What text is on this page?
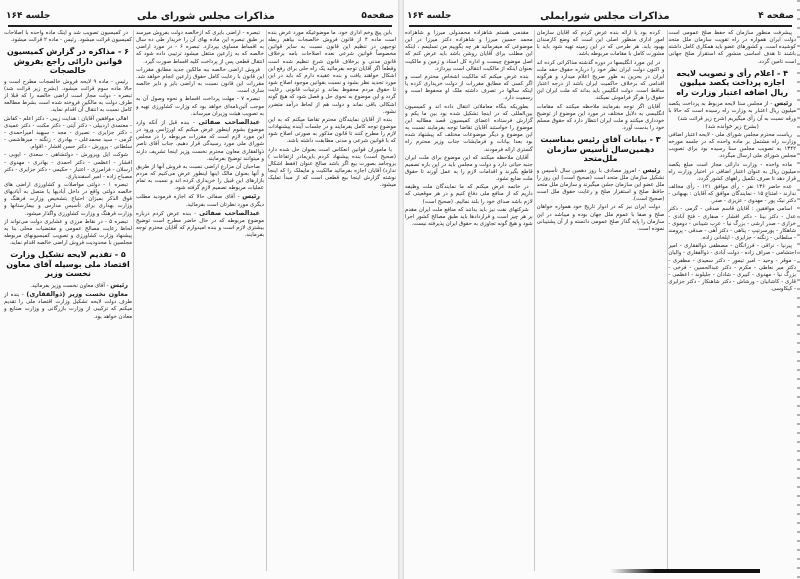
صفحه۵
مذاکرات مجلس شورای ملی
جلسه ۱۶۴

باین پیچ وخم اداری خود. ما موضوعیکه مورد عرض بنده است ماده ۴ از قانون فروش خالصجات بیاهم ربطه توجیهی در تنظیم این قانون نسبت به سایر قوانین مخصوصاً قوانین شرعی نعده اصلاحات بامه برخلاف قانون مدنی و برخلاف قانون شرع تنظیم شده است وقطعاً اگر آقایان توجه بفرمائید یک راه حلی برای رفع این اشکال خواهند یافت و بنده عقیده دارم که باید در این مورد تجدید نظر بشود و نسبت بقوانین موجود اصلاح شود تا حقوق مردم محفوظ بماند و ترتیبات قانونی رعایت گردد و این موضوع به نحوی حل و فصل شود که هیچ گونه اشکالی باقی نماند و دولت هم از لحاظ درآمد متضرر نشود.

بنده از آقایان نمایندگان محترم تقاضا میکنم که به این موضوع توجه کامل بفرمایند و در جلسات آینده پیشنهادات لازم را مطرح کنند تا قانون مذکور به صورتی اصلاح شود که با قوانین شرعی و مدنی مطابقت داشته باشد.

با ماموران قوانین انعکاس است بعنوان حل شده دارد (صحیح است) بنده پیشنهاد کردم باین‌مادر ارتفاعات ) بروجامد بصورت بیع اگر باشد صالح عنوان (فقط اشکال ندارد) آقایان اجازه بفرمائید مالکیت و مایملک را که اینجا نوشته گزارش اینجا بیع قطعی است که از مبدأ تملیک میشود.

تبصره - اراضی بایری که ازخالصه دولت بفروش میرسد بر طبق تبصره این ماده بهای آن را خریدار طی ده سال به اقساط مساوی بپردازد. تبصره ۶ - در مورد اراضی خالصه که به زارعین منتقل میشود ترتیبی داده شود که انتقال قطعی پس از پرداخت کلیه اقساط صورت گیرد.

فروش اراضی خالصه ببه مالکین جدید مطابق مقررات این قانون با رعایت کامل حقوق زارعین انجام خواهد شد. مقررات این قانون نسبت به اراضی بایر و دایر خالصه ساری است.

تبصره ۷ - مهلت پرداخت اقساط و نحوه وصول آن به موجب آئین‌نامه‌ای خواهد بود که وزارت کشاورزی تهیه و به تصویب هیئت وزیران میرساند.

عبدالصاحب صفائی - بنده قبل از آنکه وارد موضوع بشوم اینطور عرض میکنم که اورژانس ورود در این مورد لازم است که مقررات مربوطه را در مجلس شورای ملی مورد رسیدگی قرار دهیم. جناب آقای ناصر ذوالفقاری معاون محترم نخست وزیر اینجا تشریف دارند و میتوانند توضیح بفرمایند.

صاحبان آن مزارع اراضی نسبت به فروش آنها از طریق و آنها بعنوان مالک اینها اینطور عرض می‌کنیم که مردم بازارهای این قبیل را خریداری کرده اند و نسبت به تمام عملیات مربوطه تصمیم لازم گرفته شود.

رئیس - آقای صفائی حالا که اجازه فرمودید مطلب دیگری مورد نظرتان است بفرمائید.

عبدالصاحب صفائی - بنده عرض کردم درباره موضوع مربوطه که در حال حاضر مطرح است توضیح بیشتری لازم است و بنده امیدوارم که آقایان محترم توجه بفرمایند.

در کمیسیون تصویب شد و اینک ماده واحده با اصلاحات کمیسیون قرائت میشود. رئیس - ماده ۲ قرائت میشود.

۶ - مذاکره در گزارش کمیسیون قوانین دارائی راجع بفروش خالصجات

رئیس - ماده ۹ لایحه فروش خالصجات مطرح است و حالا ماده سوم قرائت میشود. (بشرح زیر قرائت شد) تبصره - دولت مجاز است اراضی خالصه را که قبلا از طرف دولت به مالکین فروخته شده است بشرط مطالعه کامل نسبت به انتقال آن اقدام نماید.

اهالی موافقین آقایان : هدایت زیبی - دکتر اعلم - کفاش - معتمدی اردبیلی - دکتر آیتی - دکتر مکنت - دکتر عمیدی - دکتر جزایری - نصیری - مجد - سپهبد امیراحمدی - گرمی - سید محمدعلی - بهادری - زنگنه - میرهاشمی - سلطانی - پرورش - دکتر حسن افشار - اقوام.

شوکت ایل وپرورش - دولتشاهی - سعدی - ایوبی - افشار - اعظمی - دکتر احمدی - بهادری - مهدوی - ارسلان - فرامرزی - اعتبار - حکیمی - دکتر جزایری - دکتر مصباح زاده - امیر اسفندیاری.

تبصره ۱ - دولتی مواصلات و کشاورزی اراضی های خالصه دولتی واقع در داخل آبادیها یا متصل به آبادیهای فوق الذکر بمیزان احتیاج بتشخیص وزارت فرهنگ و وزارت بهداری برای تأسیس مدارس و بیمارستانها و وزارت فرهنگ و وزارت کشاورزی واگذار میشود.

تبصره ۵ - در نقاط مرزی و عشایری دولت می‌تواند از لحاظ رعایت مصالح عمومی و مقتضیات محلی بنا به پیشنهاد وزارت کشاورزی و تصویب کمیسیونهای مربوطه مجلسین با محدودیت فروش اراضی خالصه اقدام نماید.

۵ - تقدیم لایحه تشکیل وزارت اقتصاد ملی بوسیله آقای معاون نخست وزیر

رئیس - آقای معاون نخست وزیر بفرمائید.

معاون نخست وزیر (ذوالفقاری) - بنده از طرف دولت لایحه تشکیل وزارت اقتصاد ملی را تقدیم میکنم که ترکیبی از وزارت بازرگانی و وزارت صنایع و معادن خواهد بود.

صفحه ۴
مذاکرات مجلس شورایملی
جلسه ۱۶۴

پیشرفت منظور سازمان که حفظ صلح عمومی است دولت ایران همواره در راه تقویت سازمان ملل متحد کوشیده است. و کشورهای عضو باید همکاری کامل داشته باشند تا هدف اساسی منشور که استقرار صلح جهانی است تامین گردد.

۴ - اعلام رأی و تصویب لایحه اجازه پرداخت یکصد میلیون ریال اضافه اعتبار وزارت راه

رئیس - از مجلس سنا لایحه مربوط به پرداخت یکصد میلیون ریال اعتبار به وزارت راه رسیده است که حالا با ورقه نسبت به آن رأی میگیریم (شرح زیر قرائت شد)

(بشرح زیر خوانده شد)

ریاست محترم مجلس شورای ملی - لایحه اعتبار اضافی وزارت راه مشتمل بر ماده واحده که در جلسه مورخه ۱۳۴۲ به تصویب مجلس سنا رسیده بود برای تصویب مجلس شورای ملی ارسال میگردد.

ماده واحده - وزارت دارائی مجاز است مبلغ یکصد میلیون ریال به عنوان اعتبار اضافی در اختیار وزارت راه قرار دهد تا صرف تکمیل راههای کشور گردد.

عده حاضر ۱۳۶ نفر - رأی موافق ۱۲۱ - رأی مخالف ندارند - امتناع ۱۵ - نمایندگان موافق که آقایان : بهبهانی - دکتر نیک پور - مهدوی - عزیزی - صدر.

اسامی موافقین : آقایان قاسم صدقی - گرمی - دکتر عدل - دکتر بینا - دکتر افشار - صفاری - فتح آبادی - خرازی - صدر ارشی - بزرگ نیا - عرب شیبانی - دوموی - شاهکار - پورسرتیپ - پناهی - دکتر آهی - صدقی - پرومند - سلطانی - زنگنه - جزایری - ایلخانی زاده.

پیرنیا - نراقی - فرزانگان - مصطفی ذوالفقاری - امیر احتشامی - صراف زاده - دولت آبادی - ذوالفقاری - والیان - موقر - وحید - امیر تیمور - دکتر سعیدی - مظفری - دکتر میر نعاطی - مکرم - دکتر عبدالحسین - فرخی - بزرگ نیا - مهدوی - کبیری - شادان - جلیلوند - اعظمی - قاری - کاشانیان - ورشاش - دکتر شاهنکار - دکتر جزایری - کیکاوسی.

کرده بود یا ارائه بنده عرض کردم که آقایان سازمان امور اداری منظور اصلی این است که وضع کارمندان بهبود یابد. هر طرحی که در این زمینه تهیه شود باید با مشورت کامل با مقامات مربوطه باشد.

در این مورد انگلیسها در دوره گذشته مذاکراتی کرده اند و اکنون دولت ایران نظر خود را درباره حقوق حقه ملت ایران در بحرین به طور صریح اعلام میدارد و هرگونه اقدامی که برخلاف حاکمیت ایران باشد از درجه اعتبار ساقط است. دولت انگلیس باید بداند که ملت ایران این حقوق را هرگز فراموش نمیکند.

آقایان اگر توجه بفرمایند ملاحظه میکنند که مقامات انگلیسی به دلایل مختلف در مورد این موضوع از توضیح خودداری میکنند و ملت ایران انتظار دارد که حقوق مسلم خود را بدست آورد.

۳ - بیانات آقای رئیس بمناسبت دهمین‌سال تأسیس سازمان ملل‌متحد

رئیس - امروز مصادف با روز دهمین سال تأسیس و تشکیل سازمان ملل متحد است (صحیح است) این روز را ملل عضو این سازمان جشن میگیرند و سازمان ملل متحد حافظ صلح و استقرار صلح و رعایت حقوق ملل است (صحیح است).

دولت ایران نیز که در ادوار تاریخ خود همواره خواهان صلح و صفا با عموم ملل جهان بوده و میباشد در این سازمان را پایه گذار صلح عمومی دانسته و از آن پشتیبانی نموده است.

مقدمی هستم شاهزاده محمدولی میرزا و شاهزاده محمد حسین میرزا و شاهزاده دکتر میرزا در این موضوعی که میفرمائید هر چه بگوییم من تسلیمم ، اینکه این مطلب برای آقایان روشن باشد باید عرض کنم که اصل موضوع چیست و اداره کل اسناد و زمین و مالکیت بعنوان اینکه از مالکیت انتقالی است بپردازد.

بنده عرض میکنم که مالکیت اشخاص محترم است و اگر کسی که مطابق مقررات از دولت خریداری کرده یا اینکه سالها در تصرف داشته ملک او محفوظ است و رسمیت دارد.

بطوریکه بنگاه معاملاتی انتقال داده اند و کمیسیون بین‌المللی که در اینجا تشکیل شده بود بین ما یکم و گزارش فرستاده اعضای کمیسیون قصد مطالبه این موضوع را خواستند آقایان تقاضا توجه بفرمایند نسبت به این موضوع و دیگر موضوعات مختلف که پیشنهاد شده بود بعدا بیانات و فرمایشات جناب وزیر محترم راه گستری ارائه فرمودند.

آقایان ملاحظه میکنند که این موضوع برای ملت ایران جنبه حیاتی دارد و دولت و مجلس باید در این باره تصمیم قاطع بگیرند و اقدامات لازم را به عمل آورند تا حقوق ملت ضایع نشود.

در خاتمه عرض میکنم که ما نمایندگان ملت وظیفه داریم که از منافع ملی دفاع کنیم و در هر موقعیتی که لازم باشد صدای خود را بلند نمائیم. (صحیح است)

شرکتهای نفت نیز باید بدانند که منافع ملت ایران مقدم بر هر چیز است و قراردادها باید طبق مصالح کشور اجرا شود و هیچ گونه تجاوزی به حقوق ایران پذیرفته نیست.
